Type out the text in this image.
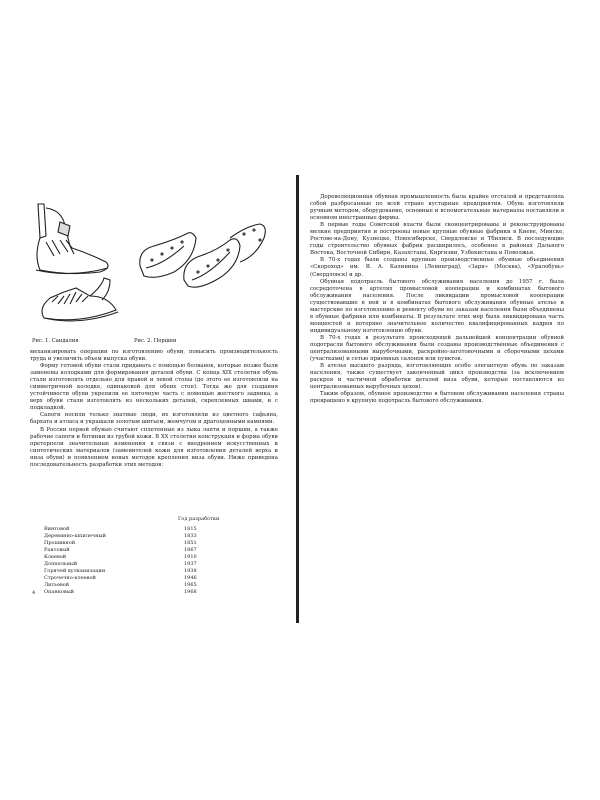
Рис. 1. Сандалия	Рис. 2. Поршни

механизировать операции по изготовлению обуви, повысить производительность труда и увеличить объем выпуска обуви.

Форму готовой обуви стали придавать с помощью болванок, которые позже были заменены колодками для формирования деталей обуви. С конца XIX столетия обувь стали изготовлять отдельно для правой и левой стопы (до этого ее изготовляли на симметричной колодке, одинаковой для обеих стоп). Тогда же для создания устойчивости обуви укрепили ее пяточную часть с помощью жесткого задника, а верх обуви стали изготовлять из нескольких деталей, скрепленных швами, и с подкладкой.

Сапоги носили только знатные люди, их изготовляли из цветного сафьяна, бархата и атласа и украшали золотым шитьем, жемчугом и драгоценными камнями.

В России первой обувью считают сплетенные из лыка лапти и поршни, а также рабочие сапоги и ботинки из грубой кожи. В XX столетии конструкция и форма обуви претерпели значительные изменения в связи с внедрением искусственных и синтетических материалов (заменителей кожи для изготовления деталей верха и низа обуви) и появлением новых методов крепления низа обуви. Ниже приведена последовательность разработки этих методов:

Год разработки
Винтовой	1815
Деревянно-шпилечный	1833
Прошивной	1851
Рантовый	1867
Клеевой	1910
Доппельный	1937
Горячей вулканизации	1938
Строчечно-клеевой	1946
Литьевой	1965
Опанковый	1968
4

Дореволюционная обувная промышленность была крайне отсталой и представляла собой разбросанные по всей стране кустарные предприятия. Обувь изготовляли ручным методом, оборудование, основные и вспомогательные материалы поставляли в основном иностранные фирмы.

В первые годы Советской власти были сконцентрированы и реконструированы мелкие предприятия и построены новые крупные обувные фабрики в Киеве, Минске, Ростове-на-Дону, Кузнецке, Новосибирске, Свердловске и Тбилиси. В последующие годы строительство обувных фабрик расширилось, особенно в районах Дальнего Востока, Восточной Сибири, Казахстана, Киргизии, Узбекистана и Поволжья.

В 70-х годах были созданы крупные производственные обувные объединения «Скороход» им. Я. А. Калинина (Ленинград), «Заря» (Москва), «Уралобувь» (Свердловск) и др.

Обувная подотрасль бытового обслуживания населения до 1957 г. была сосредоточена в артелях промысловой кооперации и комбинатах бытового обслуживания населения. После ликвидации промысловой кооперации существовавшие в ней и в комбинатах бытового обслуживания обувные ателье и мастерские по изготовлению и ремонту обуви по заказам населения были объединены в обувные фабрики или комбинаты. В результате этих мер была ликвидирована часть мощностей и потеряно значительное количество квалифицированных кадров по индивидуальному изготовлению обуви.

В 70-х годах в результате происходящей дальнейшей концентрации обувной подотрасли бытового обслуживания были созданы производственные объединения с централизованными вырубочными, раскройно-заготовочными и сборочными цехами (участками) и сетью приемных салонов или пунктов.

В ателье высшего разряда, изготовляющих особо элегантную обувь по заказам населения, также существует законченный цикл производства (за исключением раскроя и частичной обработки деталей низа обуви, которые поставляются из централизованных вырубочных цехов).

Таким образом, обувное производство в бытовом обслуживании населения страны превращено в крупную подотрасль бытового обслуживания.
